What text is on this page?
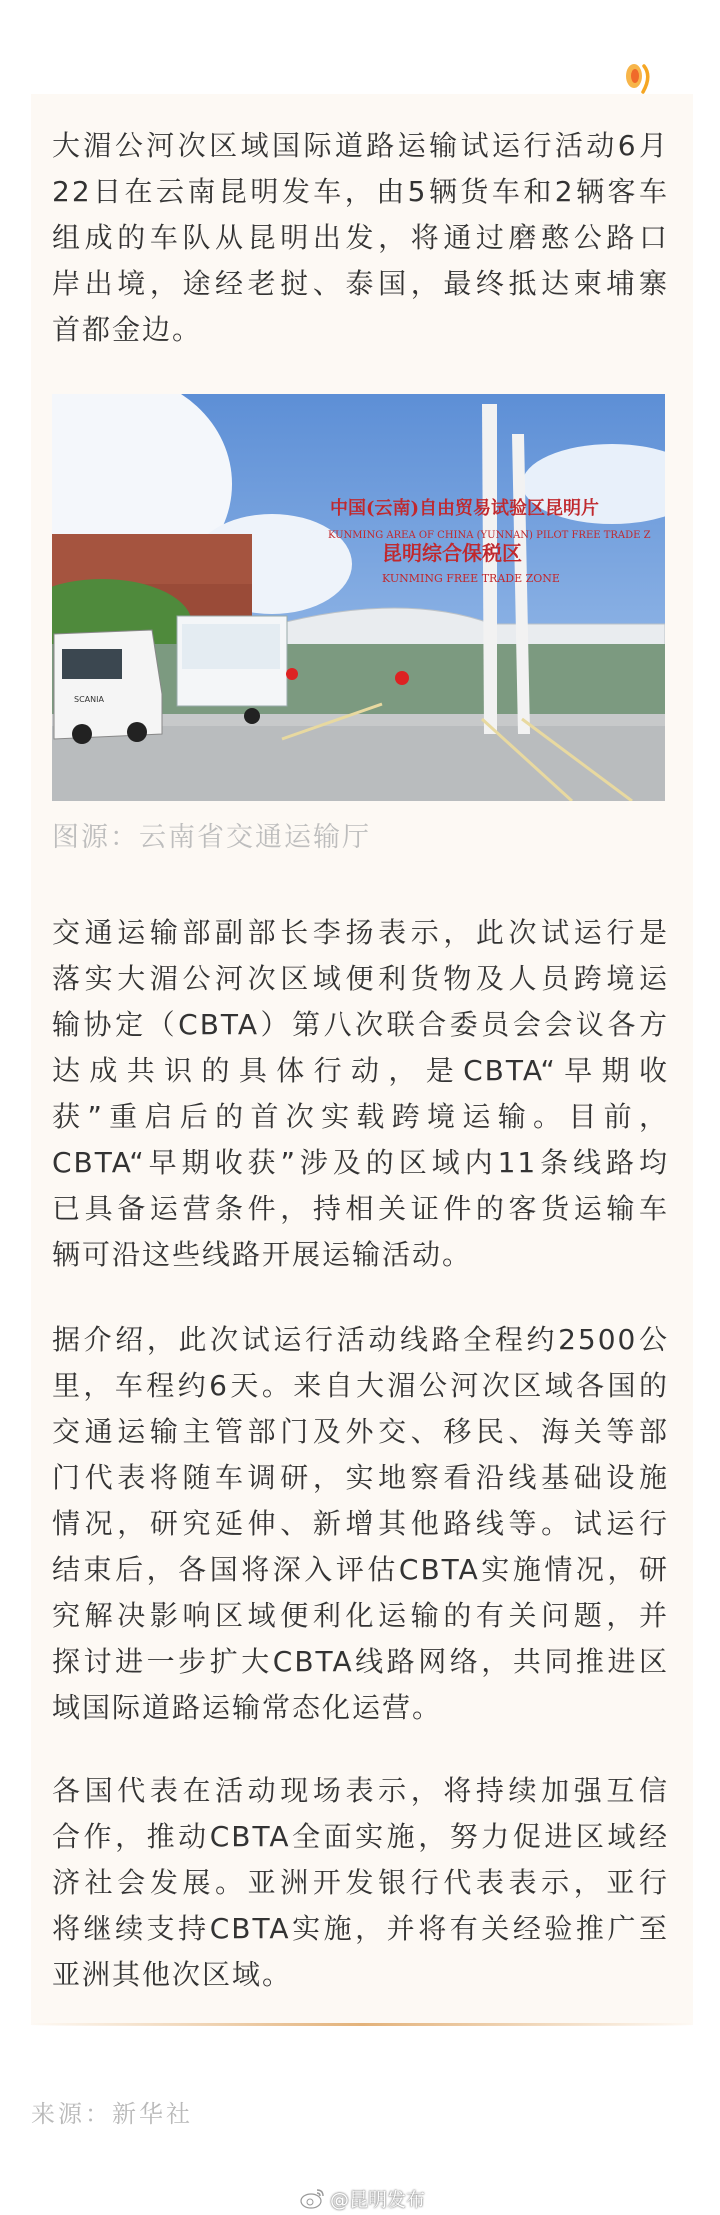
大湄公河次区域国际道路运输试运行活动6月
22日在云南昆明发车，由5辆货车和2辆客车
组成的车队从昆明出发，将通过磨憨公路口
岸出境，途经老挝、泰国，最终抵达柬埔寨
首都金边。
中国(云南)自由贸易试验区昆明片
KUNMING AREA OF CHINA (YUNNAN) PILOT FREE TRADE Z
昆明综合保税区
KUNMING FREE TRADE ZONE
SCANIA
图源：云南省交通运输厅
交通运输部副部长李扬表示，此次试运行是
落实大湄公河次区域便利货物及人员跨境运
输协定（CBTA）第八次联合委员会会议各方
达成共识的具体行动，是CBTA“早期收
获”重启后的首次实载跨境运输。目前，
CBTA“早期收获”涉及的区域内11条线路均
已具备运营条件，持相关证件的客货运输车
辆可沿这些线路开展运输活动。
据介绍，此次试运行活动线路全程约2500公
里，车程约6天。来自大湄公河次区域各国的
交通运输主管部门及外交、移民、海关等部
门代表将随车调研，实地察看沿线基础设施
情况，研究延伸、新增其他路线等。试运行
结束后，各国将深入评估CBTA实施情况，研
究解决影响区域便利化运输的有关问题，并
探讨进一步扩大CBTA线路网络，共同推进区
域国际道路运输常态化运营。
各国代表在活动现场表示，将持续加强互信
合作，推动CBTA全面实施，努力促进区域经
济社会发展。亚洲开发银行代表表示，亚行
将继续支持CBTA实施，并将有关经验推广至
亚洲其他次区域。
来源：新华社
@昆明发布
